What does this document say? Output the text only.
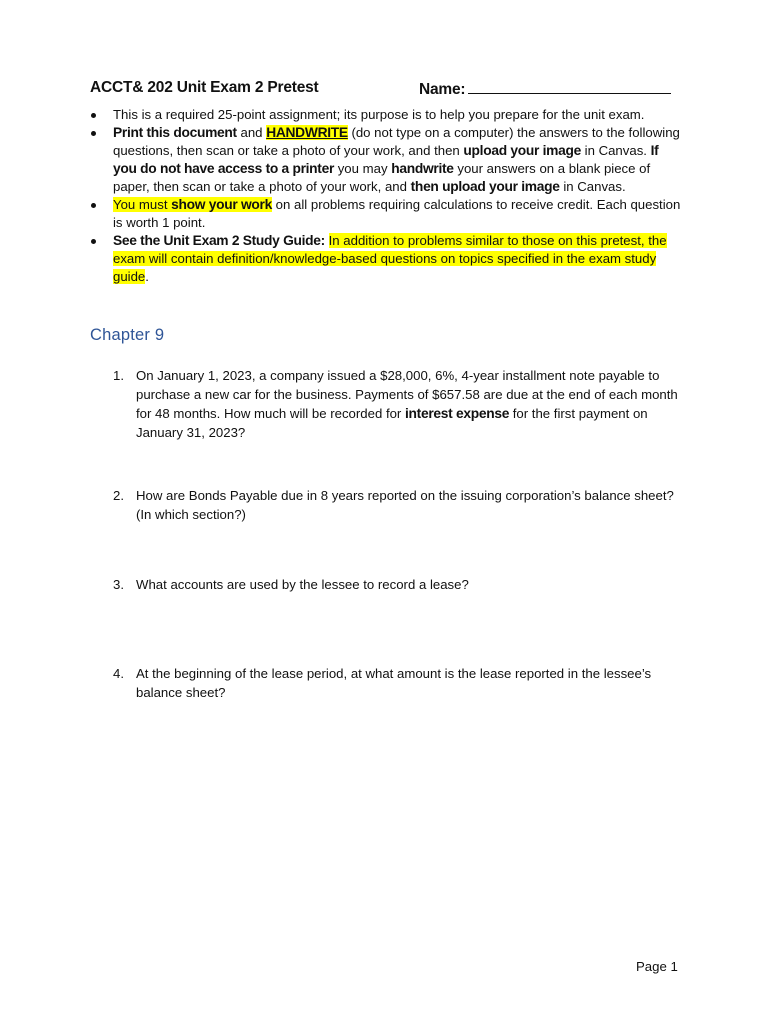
ACCT& 202 Unit Exam 2 Pretest	Name:
This is a required 25-point assignment; its purpose is to help you prepare for the unit exam.
Print this document and HANDWRITE (do not type on a computer) the answers to the following questions, then scan or take a photo of your work, and then upload your image in Canvas. If you do not have access to a printer you may handwrite your answers on a blank piece of paper, then scan or take a photo of your work, and then upload your image in Canvas.
You must show your work on all problems requiring calculations to receive credit. Each question is worth 1 point.
See the Unit Exam 2 Study Guide: In addition to problems similar to those on this pretest, the exam will contain definition/knowledge-based questions on topics specified in the exam study guide.
Chapter 9
1. On January 1, 2023, a company issued a $28,000, 6%, 4-year installment note payable to purchase a new car for the business. Payments of $657.58 are due at the end of each month for 48 months. How much will be recorded for interest expense for the first payment on January 31, 2023?
2. How are Bonds Payable due in 8 years reported on the issuing corporation’s balance sheet? (In which section?)
3. What accounts are used by the lessee to record a lease?
4. At the beginning of the lease period, at what amount is the lease reported in the lessee’s balance sheet?
Page 1
